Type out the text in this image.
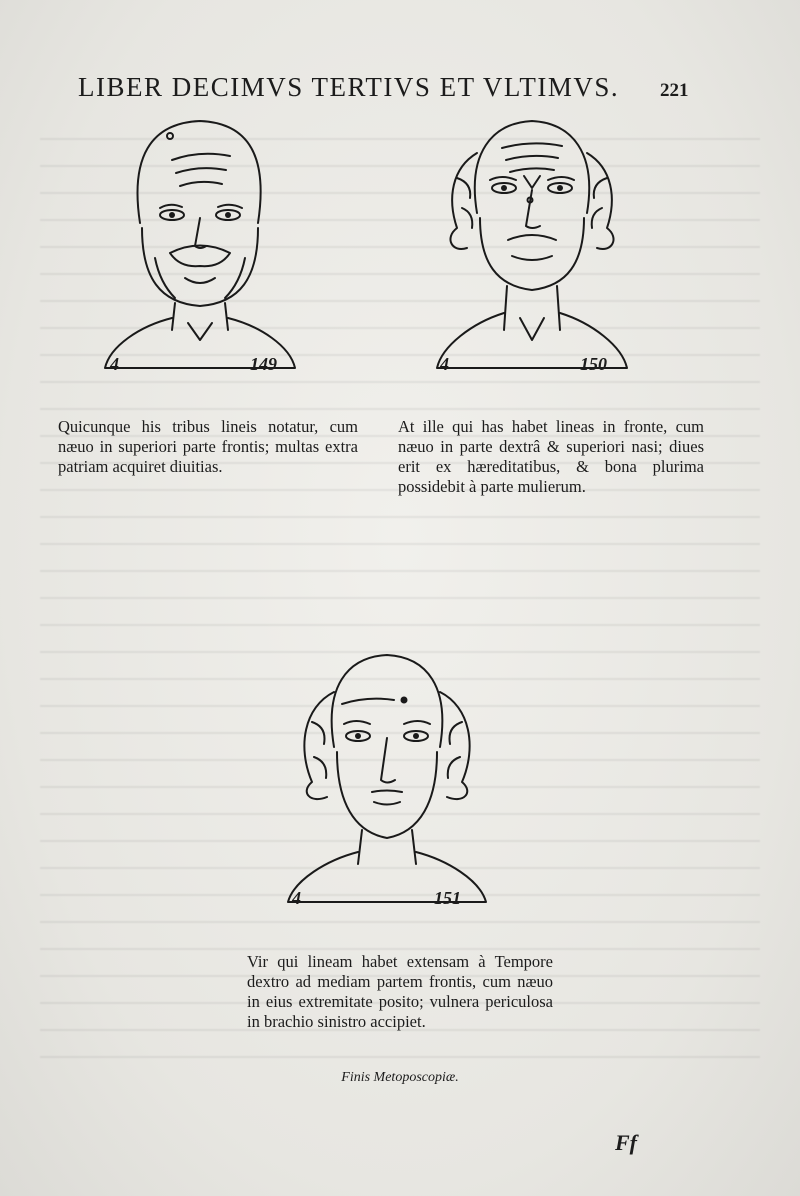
LIBER DECIMVS TERTIVS ET VLTIMVS. 221
4	149	4	150
4	151

Quicunque his tribus lineis notatur, cum næuo in superiori parte frontis; multas extra patriam acquiret diuitias.

At ille qui has habet lineas in fronte, cum næuo in parte dextrâ & superiori nasi; diues erit ex hæreditatibus, & bona plurima possidebit à parte mulierum.

Vir qui lineam habet extensam à Tempore dextro ad mediam partem frontis, cum næuo in eius extremitate posito; vulnera periculosa in brachio sinistro accipiet.

Finis Metoposcopiæ.
Ff
